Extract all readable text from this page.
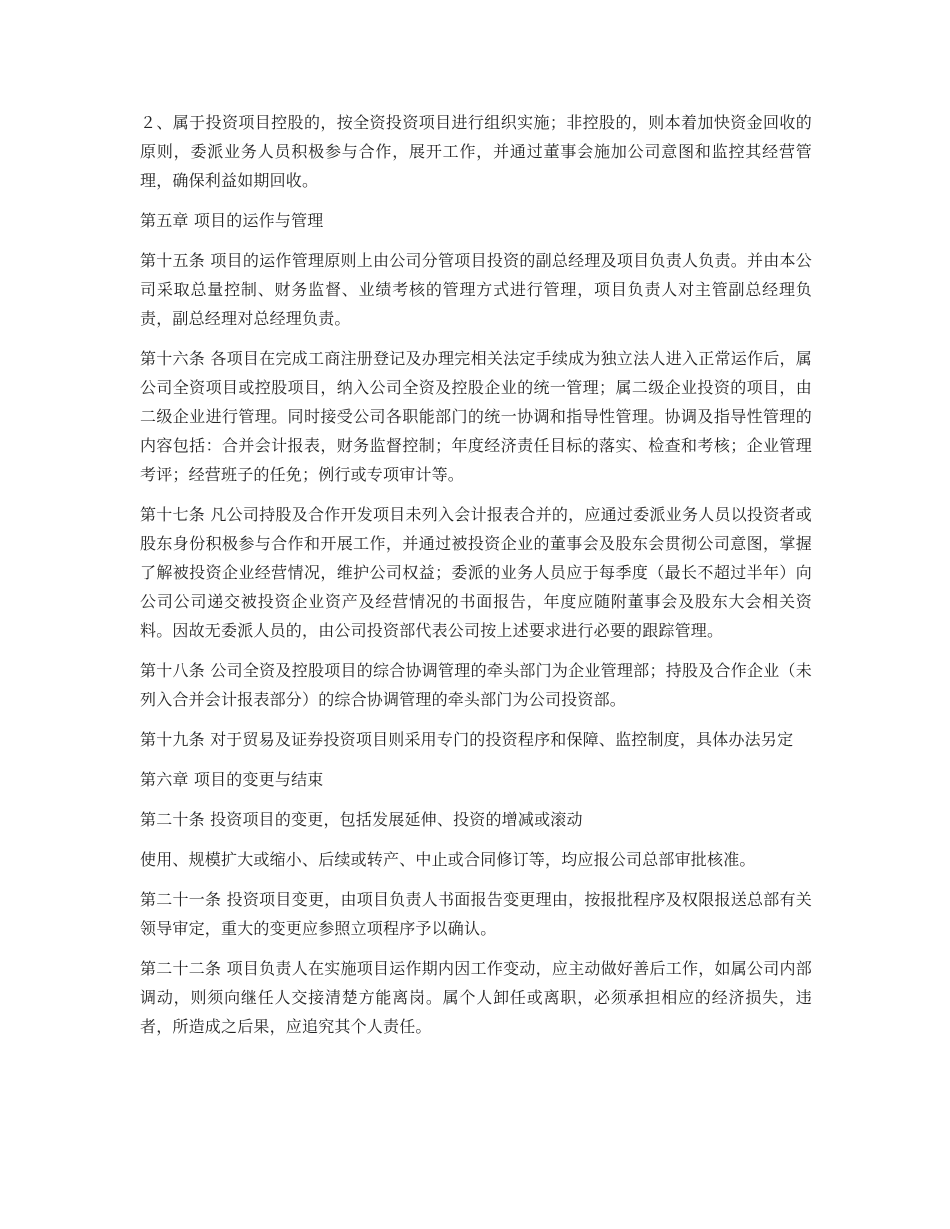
２、属于投资项目控股的，按全资投资项目进行组织实施；非控股的，则本着加快资金回收的原则，委派业务人员积极参与合作，展开工作，并通过董事会施加公司意图和监控其经营管理，确保利益如期回收。

第五章 项目的运作与管理

第十五条 项目的运作管理原则上由公司分管项目投资的副总经理及项目负责人负责。并由本公司采取总量控制、财务监督、业绩考核的管理方式进行管理，项目负责人对主管副总经理负责，副总经理对总经理负责。

第十六条 各项目在完成工商注册登记及办理完相关法定手续成为独立法人进入正常运作后，属公司全资项目或控股项目，纳入公司全资及控股企业的统一管理；属二级企业投资的项目，由二级企业进行管理。同时接受公司各职能部门的统一协调和指导性管理。协调及指导性管理的内容包括：合并会计报表，财务监督控制；年度经济责任目标的落实、检查和考核；企业管理考评；经营班子的任免；例行或专项审计等。

第十七条 凡公司持股及合作开发项目未列入会计报表合并的，应通过委派业务人员以投资者或股东身份积极参与合作和开展工作，并通过被投资企业的董事会及股东会贯彻公司意图，掌握了解被投资企业经营情况，维护公司权益；委派的业务人员应于每季度（最长不超过半年）向公司公司递交被投资企业资产及经营情况的书面报告，年度应随附董事会及股东大会相关资料。因故无委派人员的，由公司投资部代表公司按上述要求进行必要的跟踪管理。

第十八条 公司全资及控股项目的综合协调管理的牵头部门为企业管理部；持股及合作企业（未列入合并会计报表部分）的综合协调管理的牵头部门为公司投资部。

第十九条 对于贸易及证券投资项目则采用专门的投资程序和保障、监控制度，具体办法另定

第六章 项目的变更与结束

第二十条 投资项目的变更，包括发展延伸、投资的增减或滚动

使用、规模扩大或缩小、后续或转产、中止或合同修订等，均应报公司总部审批核准。

第二十一条 投资项目变更，由项目负责人书面报告变更理由，按报批程序及权限报送总部有关领导审定，重大的变更应参照立项程序予以确认。

第二十二条 项目负责人在实施项目运作期内因工作变动，应主动做好善后工作，如属公司内部调动，则须向继任人交接清楚方能离岗。属个人卸任或离职，必须承担相应的经济损失，违者，所造成之后果，应追究其个人责任。
